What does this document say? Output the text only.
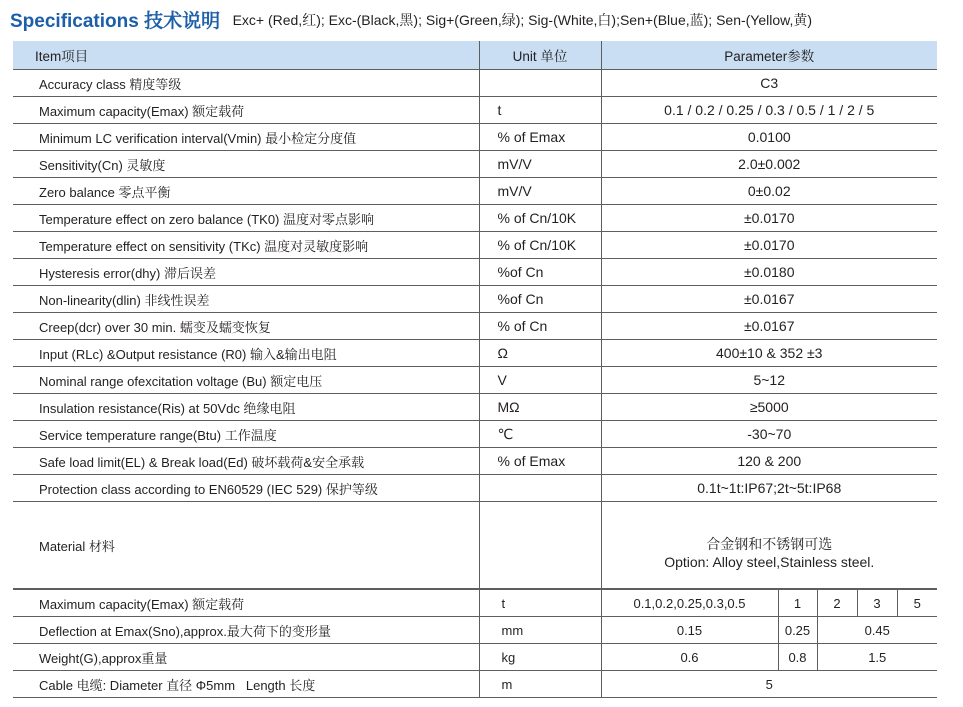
Specifications 技术说明 Exc+ (Red,红); Exc-(Black,黑); Sig+(Green,绿); Sig-(White,白);Sen+(Blue,蓝); Sen-(Yellow,黄)
Item项目	Unit 单位	Parameter参数
Accuracy class 精度等级		C3
Maximum capacity(Emax) 额定载荷	t	0.1 / 0.2 / 0.25 / 0.3 / 0.5 / 1 / 2 / 5
Minimum LC verification interval(Vmin) 最小检定分度值	% of Emax	0.0100
Sensitivity(Cn) 灵敏度	mV/V	2.0±0.002
Zero balance 零点平衡	mV/V	0±0.02
Temperature effect on zero balance (TK0) 温度对零点影响	% of Cn/10K	±0.0170
Temperature effect on sensitivity (TKc) 温度对灵敏度影响	% of Cn/10K	±0.0170
Hysteresis error(dhy) 滞后误差	%of Cn	±0.0180
Non-linearity(dlin) 非线性误差	%of Cn	±0.0167
Creep(dcr) over 30 min. 蠕变及蠕变恢复	% of Cn	±0.0167
Input (RLc) &Output resistance (R0) 输入&输出电阻	Ω	400±10 & 352 ±3
Nominal range ofexcitation voltage (Bu) 额定电压	V	5~12
Insulation resistance(Ris) at 50Vdc 绝缘电阻	MΩ	≥5000
Service temperature range(Btu) 工作温度	℃	-30~70
Safe load limit(EL) & Break load(Ed) 破坏载荷&安全承载	% of Emax	120 & 200
Protection class according to EN60529 (IEC 529) 保护等级		0.1t~1t:IP67;2t~5t:IP68
Material 材料		合金钢和不锈钢可选
Option: Alloy steel,Stainless steel.
Maximum capacity(Emax) 额定载荷	t	0.1,0.2,0.25,0.3,0.5	1	2	3	5
Deflection at Emax(Sno),approx.最大荷下的变形量	mm	0.15	0.25	0.45		
Weight(G),approx重量	kg	0.6	0.8	1.5		
Cable 电缆: Diameter 直径 Φ5mm   Length 长度	m	5				
